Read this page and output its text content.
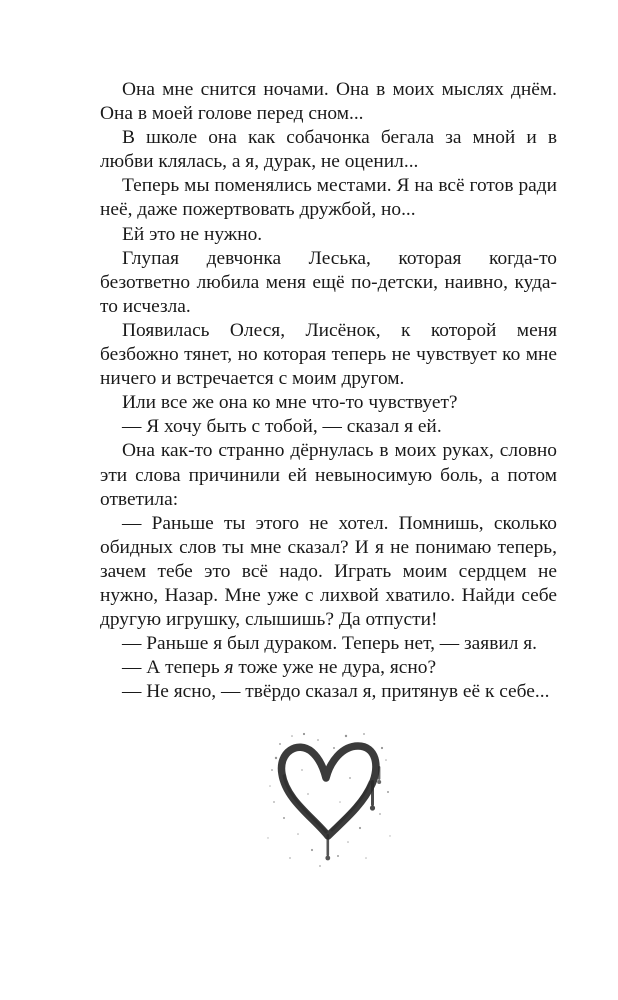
Она мне снится ночами. Она в моих мыслях днём. Она в моей голове перед сном...

В школе она как собачонка бегала за мной и в любви клялась, а я, дурак, не оценил...

Теперь мы поменялись местами. Я на всё готов ради неё, даже пожертвовать дружбой, но...

Ей это не нужно.

Глупая девчонка Леська, которая когда-то безответно любила меня ещё по-детски, наивно, куда-то исчезла.

Появилась Олеся, Лисёнок, к которой меня безбожно тянет, но которая теперь не чувствует ко мне ничего и встречается с моим другом.

Или все же она ко мне что-то чувствует?

— Я хочу быть с тобой, — сказал я ей.

Она как-то странно дёрнулась в моих руках, словно эти слова причинили ей невыносимую боль, а потом ответила:

— Раньше ты этого не хотел. Помнишь, сколько обидных слов ты мне сказал? И я не понимаю теперь, зачем тебе это всё надо. Играть моим сердцем не нужно, Назар. Мне уже с лихвой хватило. Найди себе другую игрушку, слышишь? Да отпусти!

— Раньше я был дураком. Теперь нет, — заявил я.

— А теперь я тоже уже не дура, ясно?

— Не ясно, — твёрдо сказал я, притянув её к себе...
